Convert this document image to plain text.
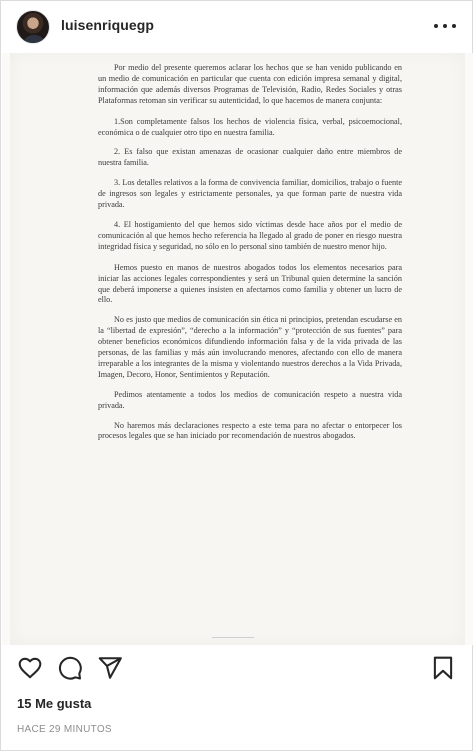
luisenriquegp

Por medio del presente queremos aclarar los hechos que se han venido publicando en un medio de comunicación en particular que cuenta con edición impresa semanal y digital, información que además diversos Programas de Televisión, Radio, Redes Sociales y otras Plataformas retoman sin verificar su autenticidad, lo que hacemos de manera conjunta:

1.Son completamente falsos los hechos de violencia física, verbal, psicoemocional, económica o de cualquier otro tipo en nuestra familia.

2. Es falso que existan amenazas de ocasionar cualquier daño entre miembros de nuestra familia.

3. Los detalles relativos a la forma de convivencia familiar, domicilios, trabajo o fuente de ingresos son legales y estrictamente personales, ya que forman parte de nuestra vida privada.

4. El hostigamiento del que hemos sido víctimas desde hace años por el medio de comunicación al que hemos hecho referencia ha llegado al grado de poner en riesgo nuestra integridad física y seguridad, no sólo en lo personal sino también de nuestro menor hijo.

Hemos puesto en manos de nuestros abogados todos los elementos necesarios para iniciar las acciones legales correspondientes y será un Tribunal quien determine la sanción que deberá imponerse a quienes insisten en afectarnos como familia y obtener un lucro de ello.

No es justo que medios de comunicación sin ética ni principios, pretendan escudarse en la “libertad de expresión”, “derecho a la información” y “protección de sus fuentes” para obtener beneficios económicos difundiendo información falsa y de la vida privada de las personas, de las familias y más aún involucrando menores, afectando con ello de manera irreparable a los integrantes de la misma y violentando nuestros derechos a la Vida Privada, Imagen, Decoro, Honor, Sentimientos y Reputación.

Pedimos atentamente a todos los medios de comunicación respeto a nuestra vida privada.

No haremos más declaraciones respecto a este tema para no afectar o entorpecer los procesos legales que se han iniciado por recomendación de nuestros abogados.

15 Me gusta
HACE 29 MINUTOS
